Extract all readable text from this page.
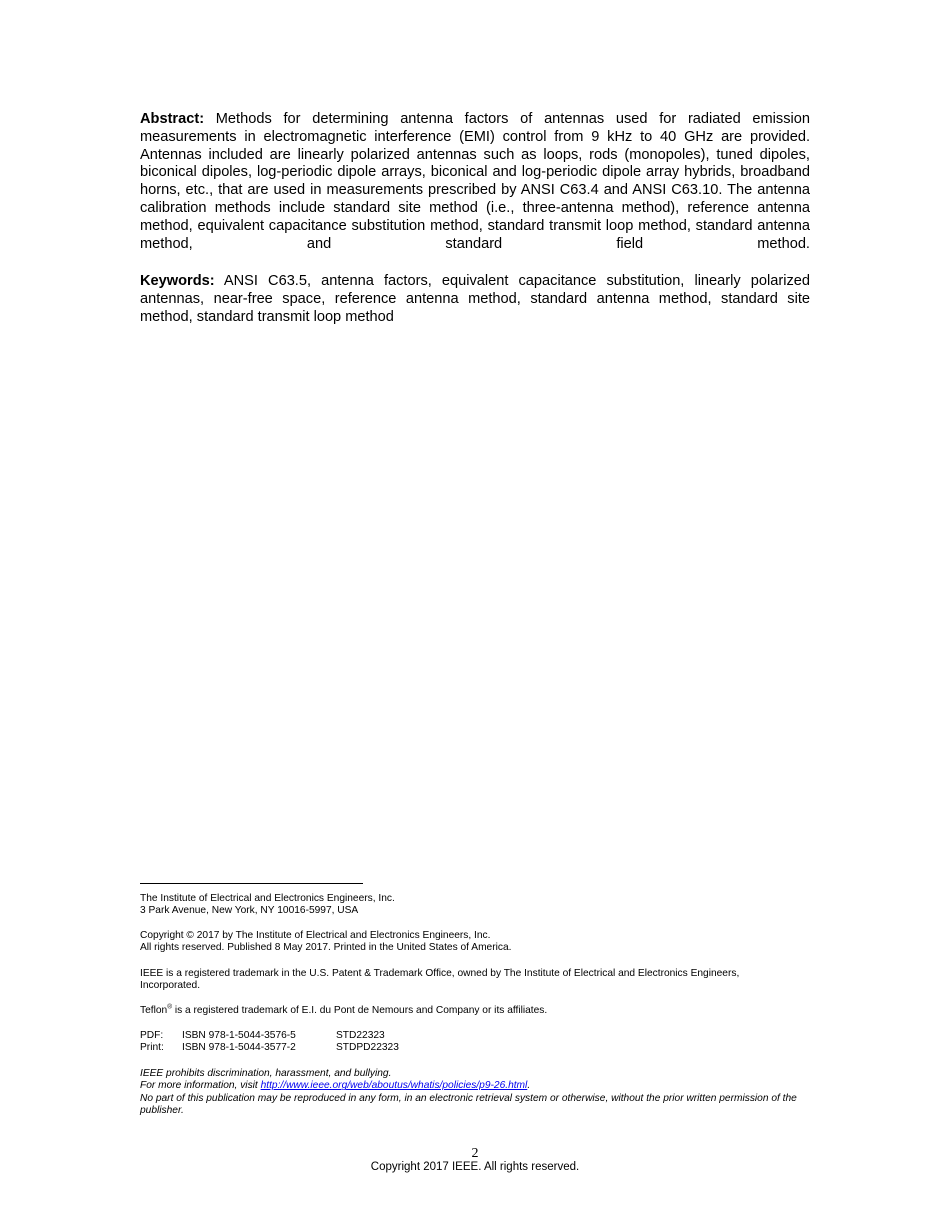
Abstract: Methods for determining antenna factors of antennas used for radiated emission measurements in electromagnetic interference (EMI) control from 9 kHz to 40 GHz are provided. Antennas included are linearly polarized antennas such as loops, rods (monopoles), tuned dipoles, biconical dipoles, log-periodic dipole arrays, biconical and log-periodic dipole array hybrids, broadband horns, etc., that are used in measurements prescribed by ANSI C63.4 and ANSI C63.10. The antenna calibration methods include standard site method (i.e., three-antenna method), reference antenna method, equivalent capacitance substitution method, standard transmit loop method, standard antenna method, and standard field method.

Keywords: ANSI C63.5, antenna factors, equivalent capacitance substitution, linearly polarized antennas, near-free space, reference antenna method, standard antenna method, standard site method, standard transmit loop method

The Institute of Electrical and Electronics Engineers, Inc.
3 Park Avenue, New York, NY 10016-5997, USA
Copyright © 2017 by The Institute of Electrical and Electronics Engineers, Inc.
All rights reserved. Published 8 May 2017. Printed in the United States of America.
IEEE is a registered trademark in the U.S. Patent & Trademark Office, owned by The Institute of Electrical and Electronics Engineers, Incorporated.
Teflon® is a registered trademark of E.I. du Pont de Nemours and Company or its affiliates.
PDF:	ISBN 978-1-5044-3576-5	STD22323
Print:	ISBN 978-1-5044-3577-2	STDPD22323
IEEE prohibits discrimination, harassment, and bullying.
For more information, visit http://www.ieee.org/web/aboutus/whatis/policies/p9-26.html.
No part of this publication may be reproduced in any form, in an electronic retrieval system or otherwise, without the prior written permission of the publisher.
2
Copyright 2017 IEEE. All rights reserved.
